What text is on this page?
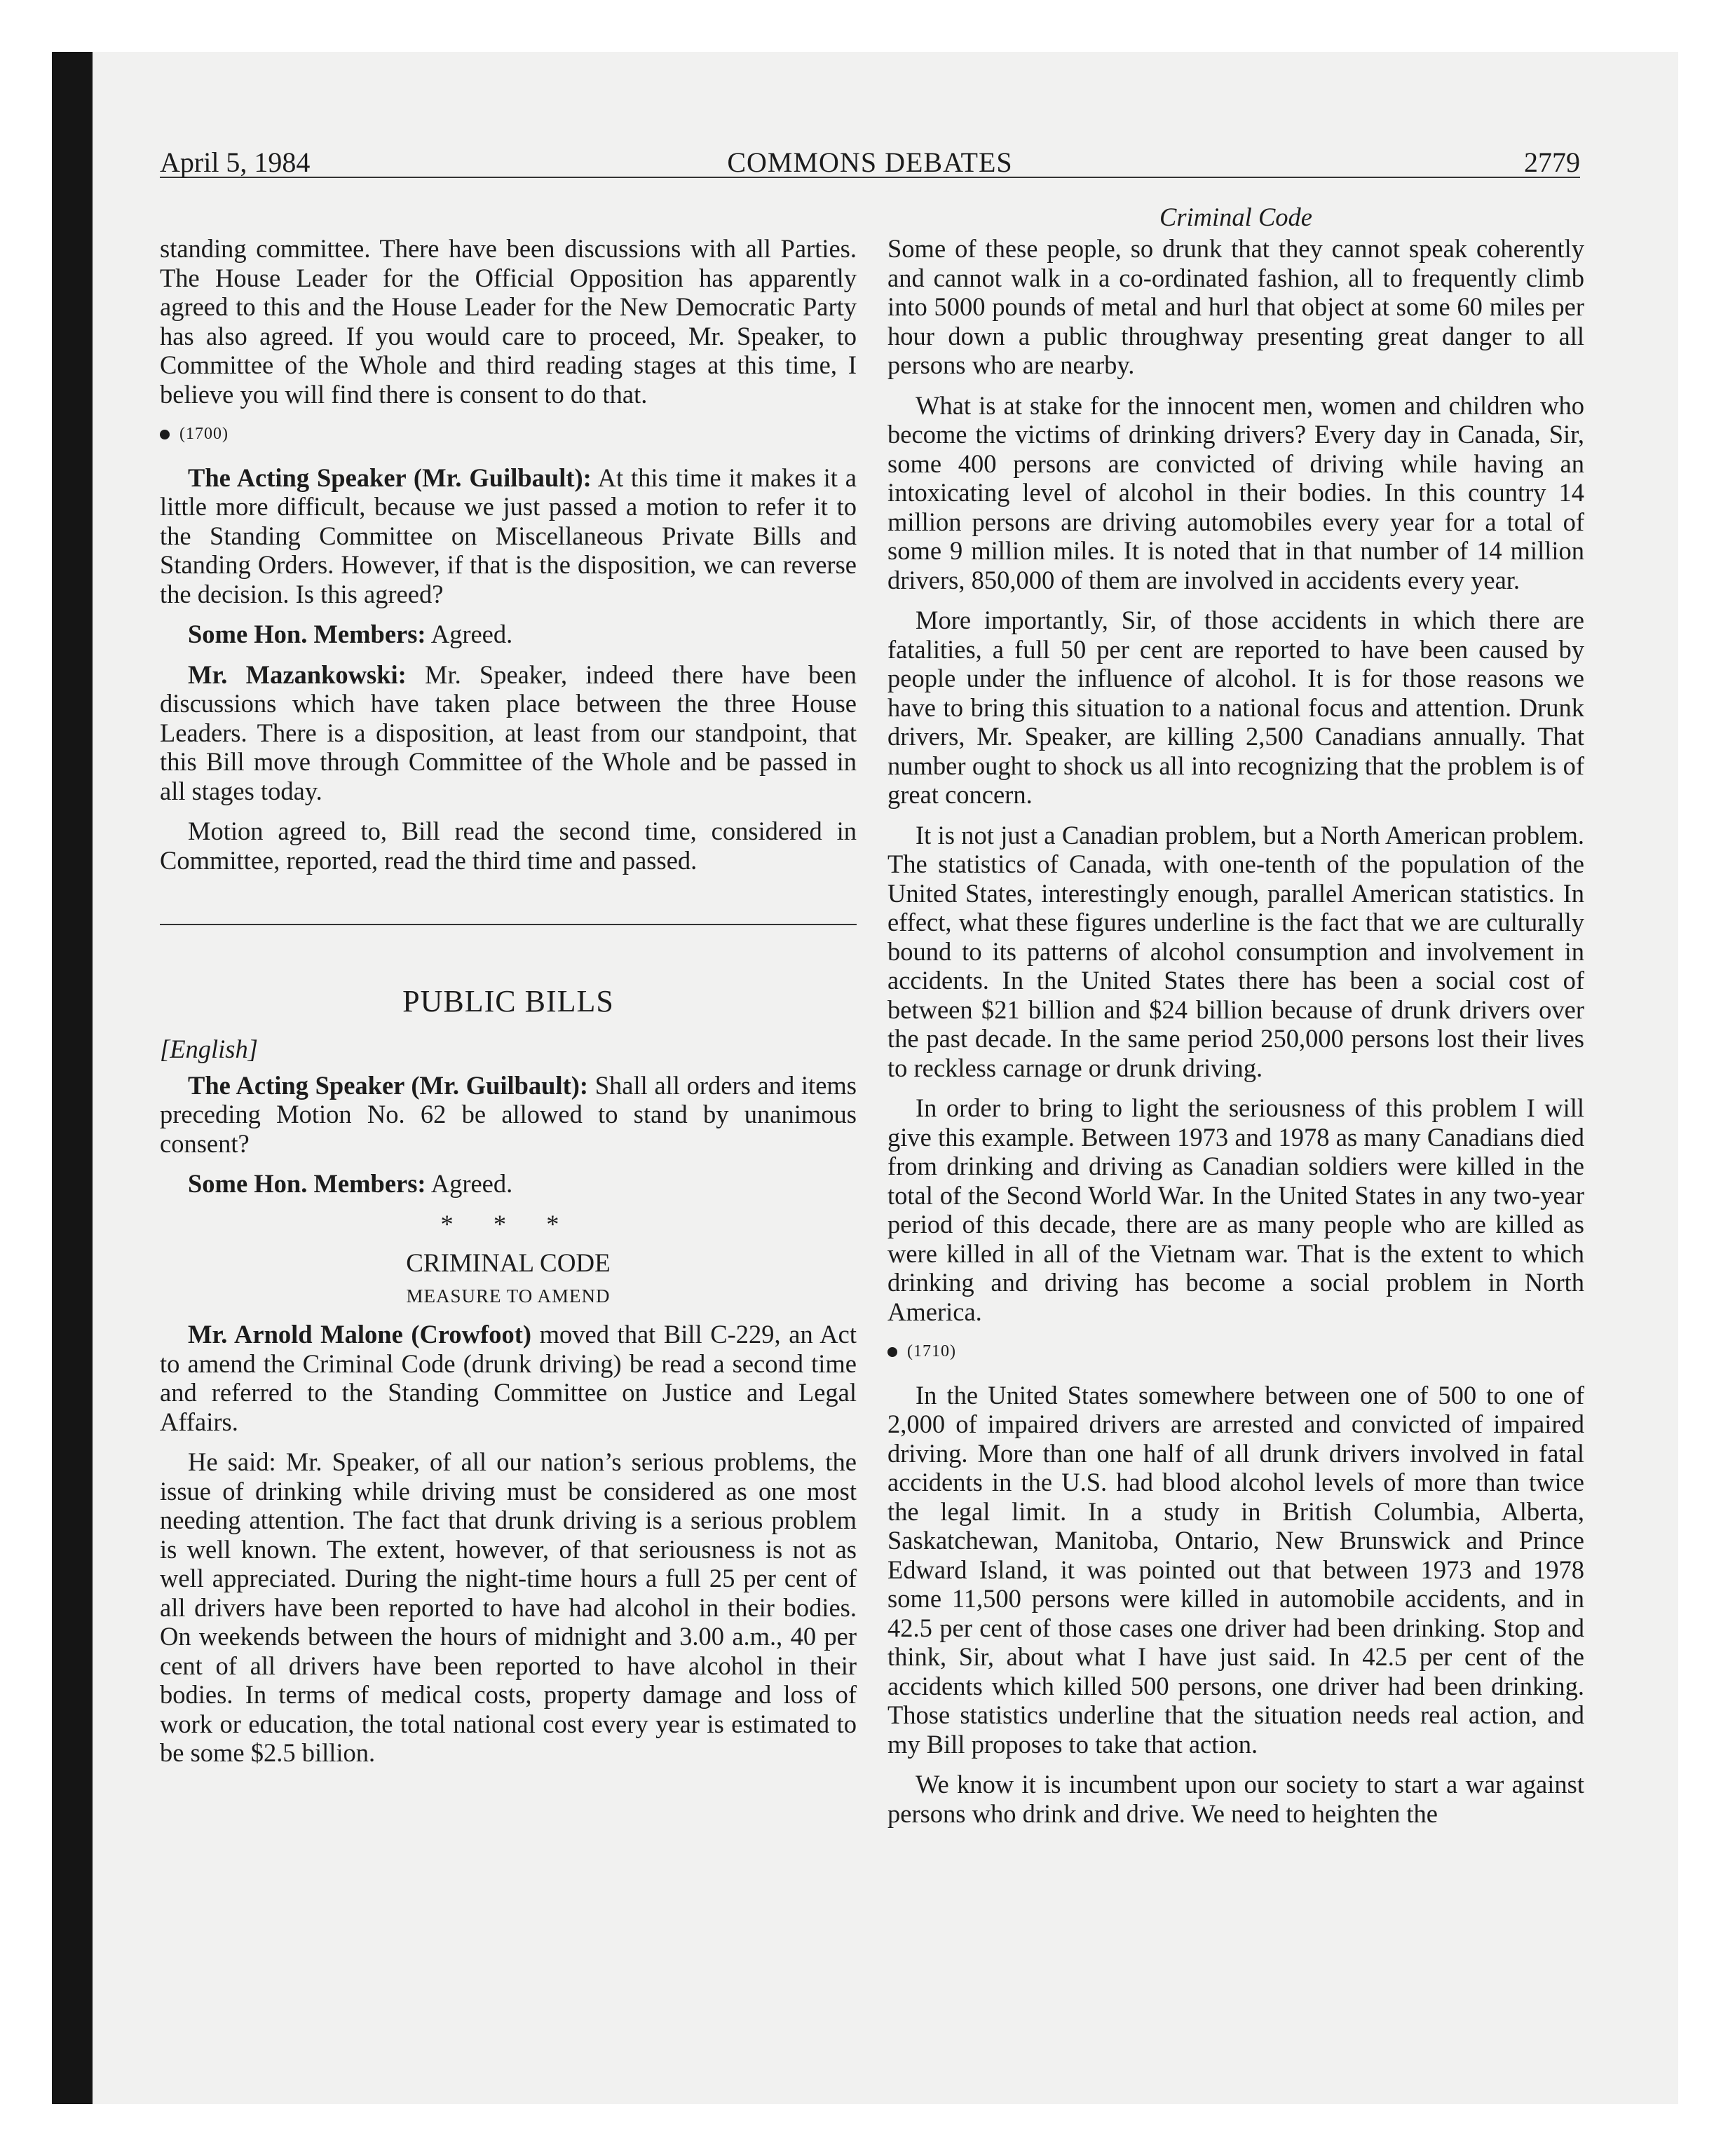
April 5, 1984	COMMONS DEBATES	2779
Criminal Code

standing committee. There have been discussions with all Parties. The House Leader for the Official Opposition has apparently agreed to this and the House Leader for the New Democratic Party has also agreed. If you would care to proceed, Mr. Speaker, to Committee of the Whole and third reading stages at this time, I believe you will find there is consent to do that.

(1700)

The Acting Speaker (Mr. Guilbault): At this time it makes it a little more difficult, because we just passed a motion to refer it to the Standing Committee on Miscellaneous Private Bills and Standing Orders. However, if that is the disposition, we can reverse the decision. Is this agreed?

Some Hon. Members: Agreed.

Mr. Mazankowski: Mr. Speaker, indeed there have been discussions which have taken place between the three House Leaders. There is a disposition, at least from our standpoint, that this Bill move through Committee of the Whole and be passed in all stages today.

Motion agreed to, Bill read the second time, considered in Committee, reported, read the third time and passed.

PUBLIC BILLS
[English]

The Acting Speaker (Mr. Guilbault): Shall all orders and items preceding Motion No. 62 be allowed to stand by unanimous consent?

Some Hon. Members: Agreed.

* * *
CRIMINAL CODE
MEASURE TO AMEND

Mr. Arnold Malone (Crowfoot) moved that Bill C-229, an Act to amend the Criminal Code (drunk driving) be read a second time and referred to the Standing Committee on Justice and Legal Affairs.

He said: Mr. Speaker, of all our nation’s serious problems, the issue of drinking while driving must be considered as one most needing attention. The fact that drunk driving is a serious problem is well known. The extent, however, of that seriousness is not as well appreciated. During the night-time hours a full 25 per cent of all drivers have been reported to have had alcohol in their bodies. On weekends between the hours of midnight and 3.00 a.m., 40 per cent of all drivers have been reported to have alcohol in their bodies. In terms of medical costs, property damage and loss of work or education, the total national cost every year is estimated to be some $2.5 billion.

Some of these people, so drunk that they cannot speak coherently and cannot walk in a co-ordinated fashion, all to frequently climb into 5000 pounds of metal and hurl that object at some 60 miles per hour down a public throughway presenting great danger to all persons who are nearby.

What is at stake for the innocent men, women and children who become the victims of drinking drivers? Every day in Canada, Sir, some 400 persons are convicted of driving while having an intoxicating level of alcohol in their bodies. In this country 14 million persons are driving automobiles every year for a total of some 9 million miles. It is noted that in that number of 14 million drivers, 850,000 of them are involved in accidents every year.

More importantly, Sir, of those accidents in which there are fatalities, a full 50 per cent are reported to have been caused by people under the influence of alcohol. It is for those reasons we have to bring this situation to a national focus and attention. Drunk drivers, Mr. Speaker, are killing 2,500 Canadians annually. That number ought to shock us all into recognizing that the problem is of great concern.

It is not just a Canadian problem, but a North American problem. The statistics of Canada, with one-tenth of the population of the United States, interestingly enough, parallel American statistics. In effect, what these figures underline is the fact that we are culturally bound to its patterns of alcohol consumption and involvement in accidents. In the United States there has been a social cost of between $21 billion and $24 billion because of drunk drivers over the past decade. In the same period 250,000 persons lost their lives to reckless carnage or drunk driving.

In order to bring to light the seriousness of this problem I will give this example. Between 1973 and 1978 as many Canadians died from drinking and driving as Canadian soldiers were killed in the total of the Second World War. In the United States in any two-year period of this decade, there are as many people who are killed as were killed in all of the Vietnam war. That is the extent to which drinking and driving has become a social problem in North America.

(1710)

In the United States somewhere between one of 500 to one of 2,000 of impaired drivers are arrested and convicted of impaired driving. More than one half of all drunk drivers involved in fatal accidents in the U.S. had blood alcohol levels of more than twice the legal limit. In a study in British Columbia, Alberta, Saskatchewan, Manitoba, Ontario, New Brunswick and Prince Edward Island, it was pointed out that between 1973 and 1978 some 11,500 persons were killed in automobile accidents, and in 42.5 per cent of those cases one driver had been drinking. Stop and think, Sir, about what I have just said. In 42.5 per cent of the accidents which killed 500 persons, one driver had been drinking. Those statistics underline that the situation needs real action, and my Bill proposes to take that action.

We know it is incumbent upon our society to start a war against persons who drink and drive. We need to heighten the
